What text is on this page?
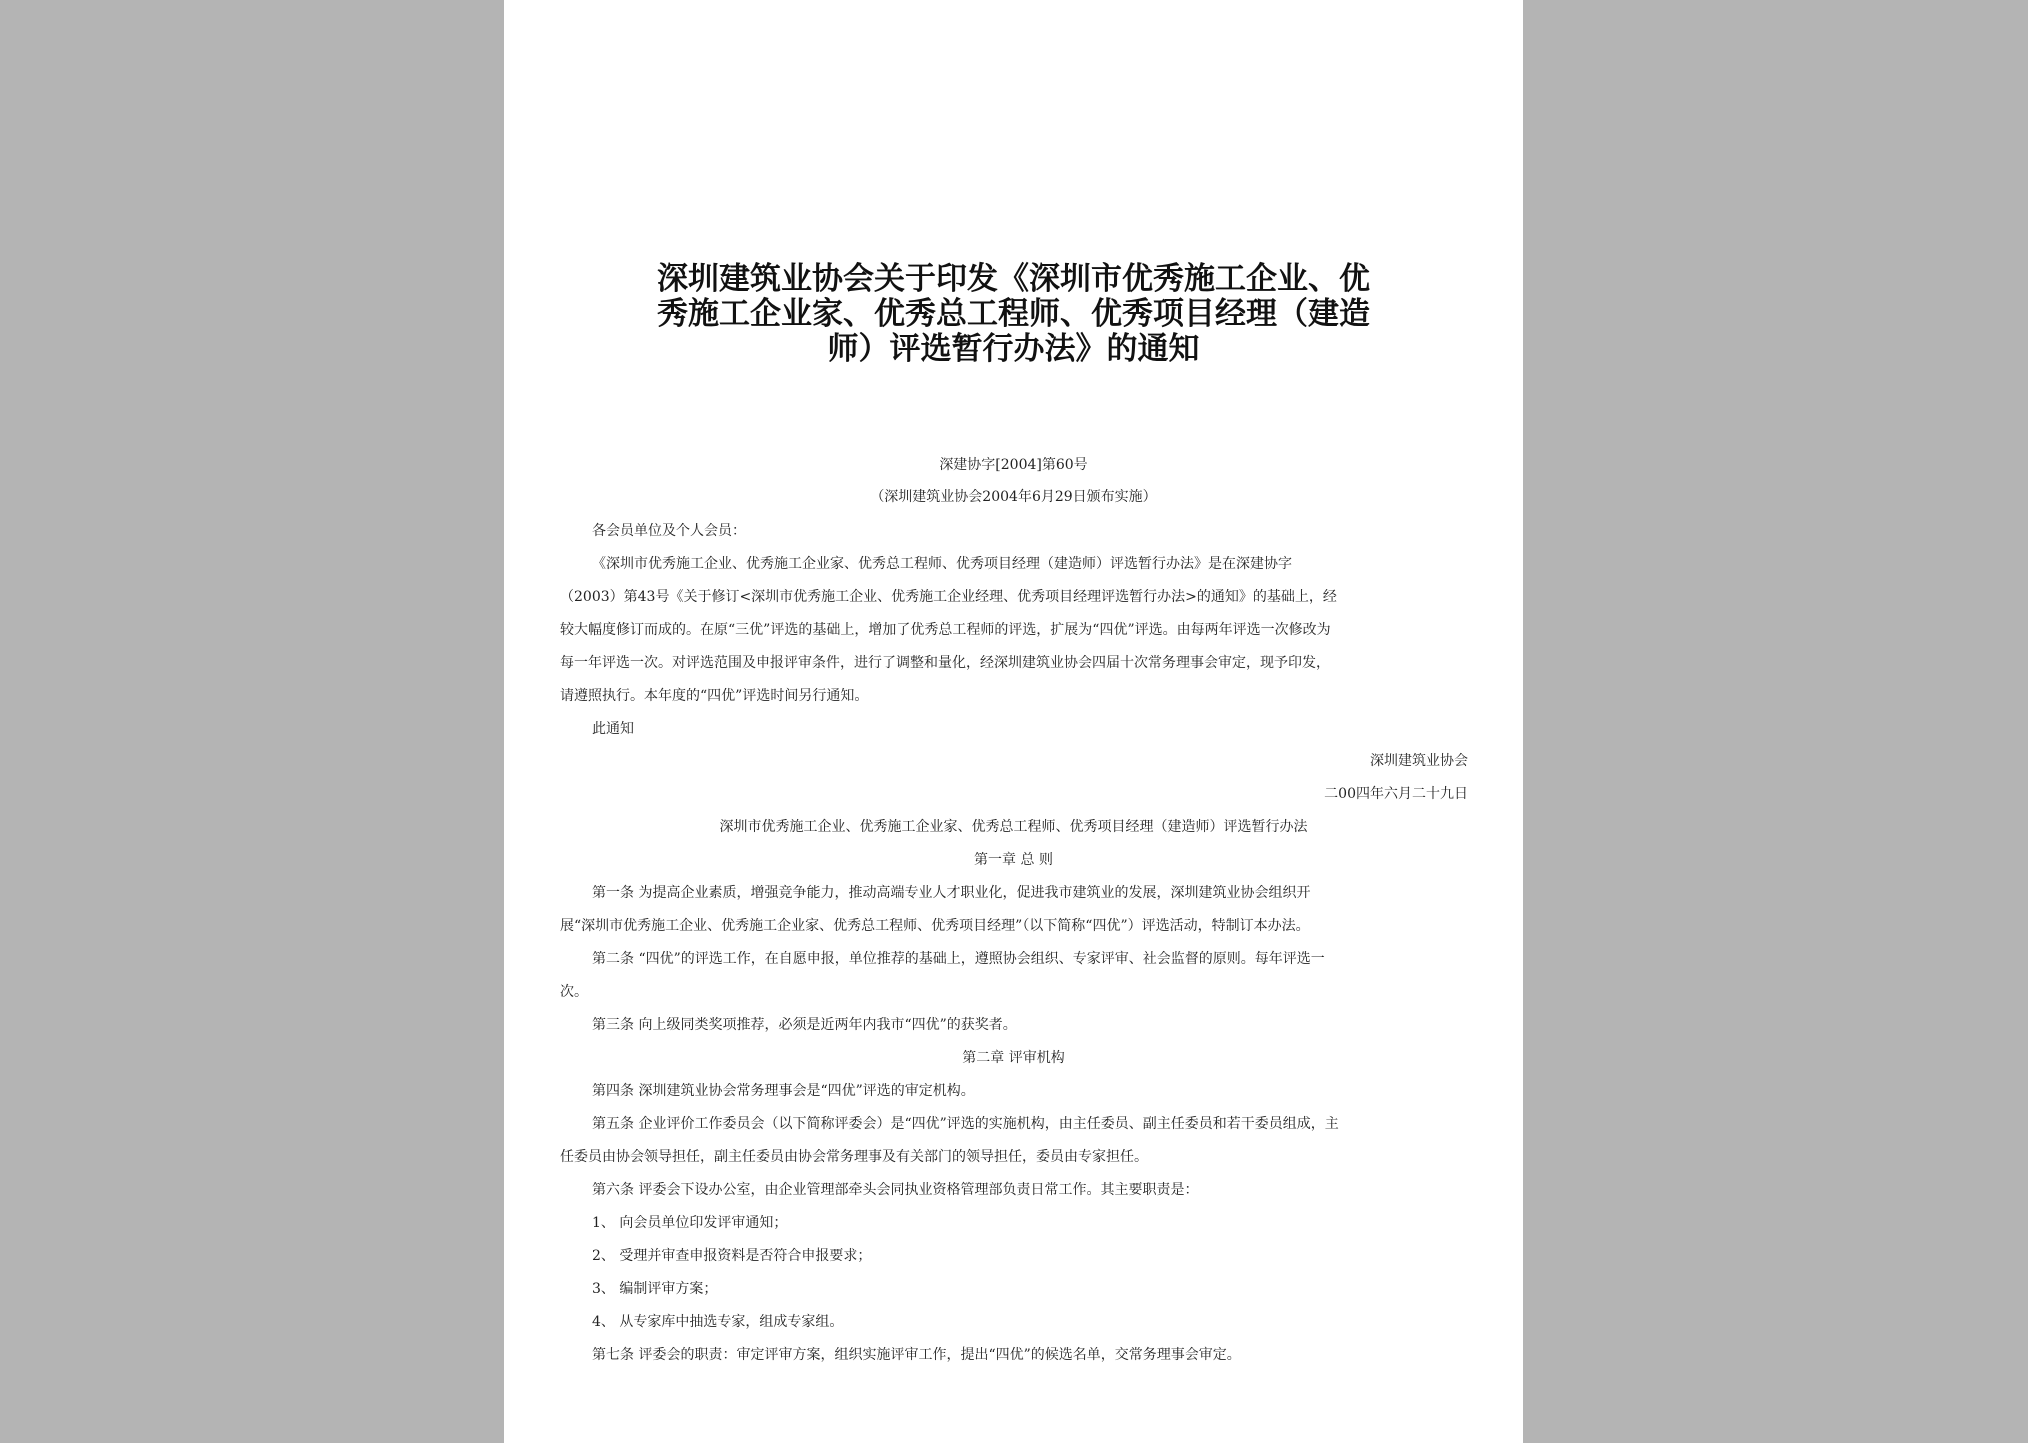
深圳建筑业协会关于印发《深圳市优秀施工企业、优
秀施工企业家、优秀总工程师、优秀项目经理（建造
师）评选暂行办法》的通知
深建协字[2004]第60号
（深圳建筑业协会2004年6月29日颁布实施）
各会员单位及个人会员：
《深圳市优秀施工企业、优秀施工企业家、优秀总工程师、优秀项目经理（建造师）评选暂行办法》是在深建协字
（2003）第43号《关于修订<深圳市优秀施工企业、优秀施工企业经理、优秀项目经理评选暂行办法>的通知》的基础上，经
较大幅度修订而成的。在原“三优”评选的基础上，增加了优秀总工程师的评选，扩展为“四优”评选。由每两年评选一次修改为
每一年评选一次。对评选范围及申报评审条件，进行了调整和量化，经深圳建筑业协会四届十次常务理事会审定，现予印发，
请遵照执行。本年度的“四优”评选时间另行通知。
此通知
深圳建筑业协会
二00四年六月二十九日
深圳市优秀施工企业、优秀施工企业家、优秀总工程师、优秀项目经理（建造师）评选暂行办法
第一章 总 则
第一条 为提高企业素质，增强竞争能力，推动高端专业人才职业化，促进我市建筑业的发展，深圳建筑业协会组织开
展“深圳市优秀施工企业、优秀施工企业家、优秀总工程师、优秀项目经理”（以下简称“四优”）评选活动，特制订本办法。
第二条 “四优”的评选工作，在自愿申报，单位推荐的基础上，遵照协会组织、专家评审、社会监督的原则。每年评选一
次。
第三条 向上级同类奖项推荐，必须是近两年内我市“四优”的获奖者。
第二章 评审机构
第四条 深圳建筑业协会常务理事会是“四优”评选的审定机构。
第五条 企业评价工作委员会（以下简称评委会）是“四优”评选的实施机构，由主任委员、副主任委员和若干委员组成，主
任委员由协会领导担任，副主任委员由协会常务理事及有关部门的领导担任，委员由专家担任。
第六条 评委会下设办公室，由企业管理部牵头会同执业资格管理部负责日常工作。其主要职责是：
1、 向会员单位印发评审通知；
2、 受理并审查申报资料是否符合申报要求；
3、 编制评审方案；
4、 从专家库中抽选专家，组成专家组。
第七条 评委会的职责：审定评审方案，组织实施评审工作，提出“四优”的候选名单，交常务理事会审定。
